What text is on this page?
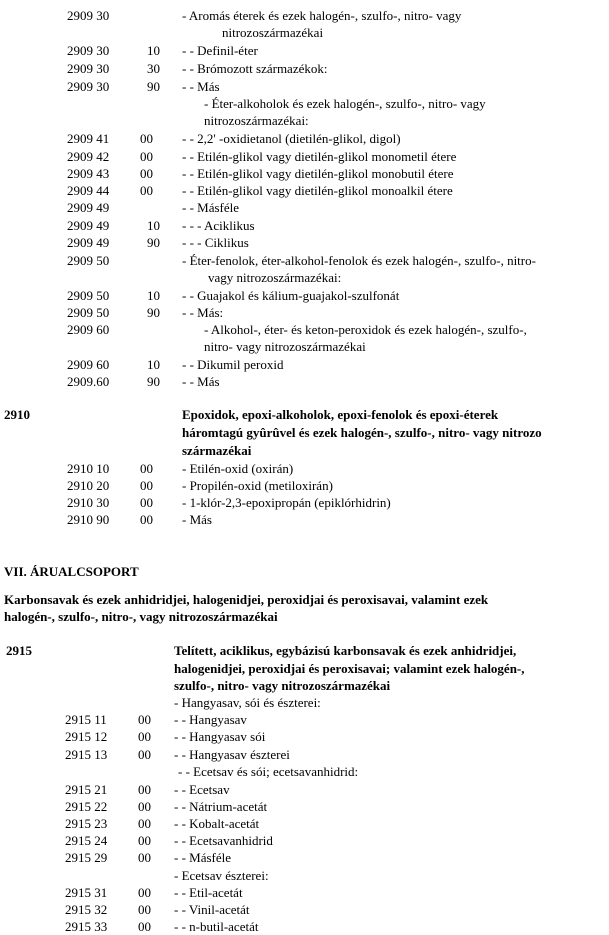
2909 30	- Aromás éterek és ezek halogén-, szulfo-, nitro- vagy
nitrozoszármazékai
2909 30	10	- - Definil-éter
2909 30	30	- - Brómozott származékok:
2909 30	90	- - Más
- Éter-alkoholok és ezek halogén-, szulfo-, nitro- vagy
nitrozoszármazékai:
2909 41 00	- - 2,2' -oxidietanol (dietilén-glikol, digol)
2909 42 00	- - Etilén-glikol vagy dietilén-glikol monometil étere
2909 43 00	- - Etilén-glikol vagy dietilén-glikol monobutil étere
2909 44 00	- - Etilén-glikol vagy dietilén-glikol monoalkil étere
2909 49	- - Másféle
2909 49	10	- - - Aciklikus
2909 49	90	- - - Ciklikus
2909 50	- Éter-fenolok, éter-alkohol-fenolok és ezek halogén-, szulfo-, nitro-
vagy nitrozoszármazékai:
2909 50	10	- - Guajakol és kálium-guajakol-szulfonát
2909 50	90	- - Más:
2909 60	- Alkohol-, éter- és keton-peroxidok és ezek halogén-, szulfo-,
nitro- vagy nitrozoszármazékai
2909 60	10	- - Dikumil peroxid
2909.60	90	- - Más
2910	Epoxidok, epoxi-alkoholok, epoxi-fenolok és epoxi-éterek
háromtagú gyûrûvel és ezek halogén-, szulfo-, nitro- vagy nitrozo
származékai
2910 10 00	- Etilén-oxid (oxirán)
2910 20 00	- Propilén-oxid (metiloxirán)
2910 30 00	- 1-klór-2,3-epoxipropán (epiklórhidrin)
2910 90 00	- Más
VII. ÁRUALCSOPORT
Karbonsavak és ezek anhidridjei, halogenidjei, peroxidjai és peroxisavai, valamint ezek
halogén-, szulfo-, nitro-, vagy nitrozoszármazékai
2915	Telített, aciklikus, egybázisú karbonsavak és ezek anhidridjei,
halogenidjei, peroxidjai és peroxisavai; valamint ezek halogén-,
szulfo-, nitro- vagy nitrozoszármazékai
- Hangyasav, sói és észterei:
2915 11 00	- - Hangyasav
2915 12 00	- - Hangyasav sói
2915 13 00	- - Hangyasav észterei
- - Ecetsav és sói; ecetsavanhidrid:
2915 21 00	- - Ecetsav
2915 22 00	- - Nátrium-acetát
2915 23 00	- - Kobalt-acetát
2915 24 00	- - Ecetsavanhidrid
2915 29 00	- - Másféle
- Ecetsav észterei:
2915 31 00	- - Etil-acetát
2915 32 00	- - Vinil-acetát
2915 33 00	- - n-butil-acetát
